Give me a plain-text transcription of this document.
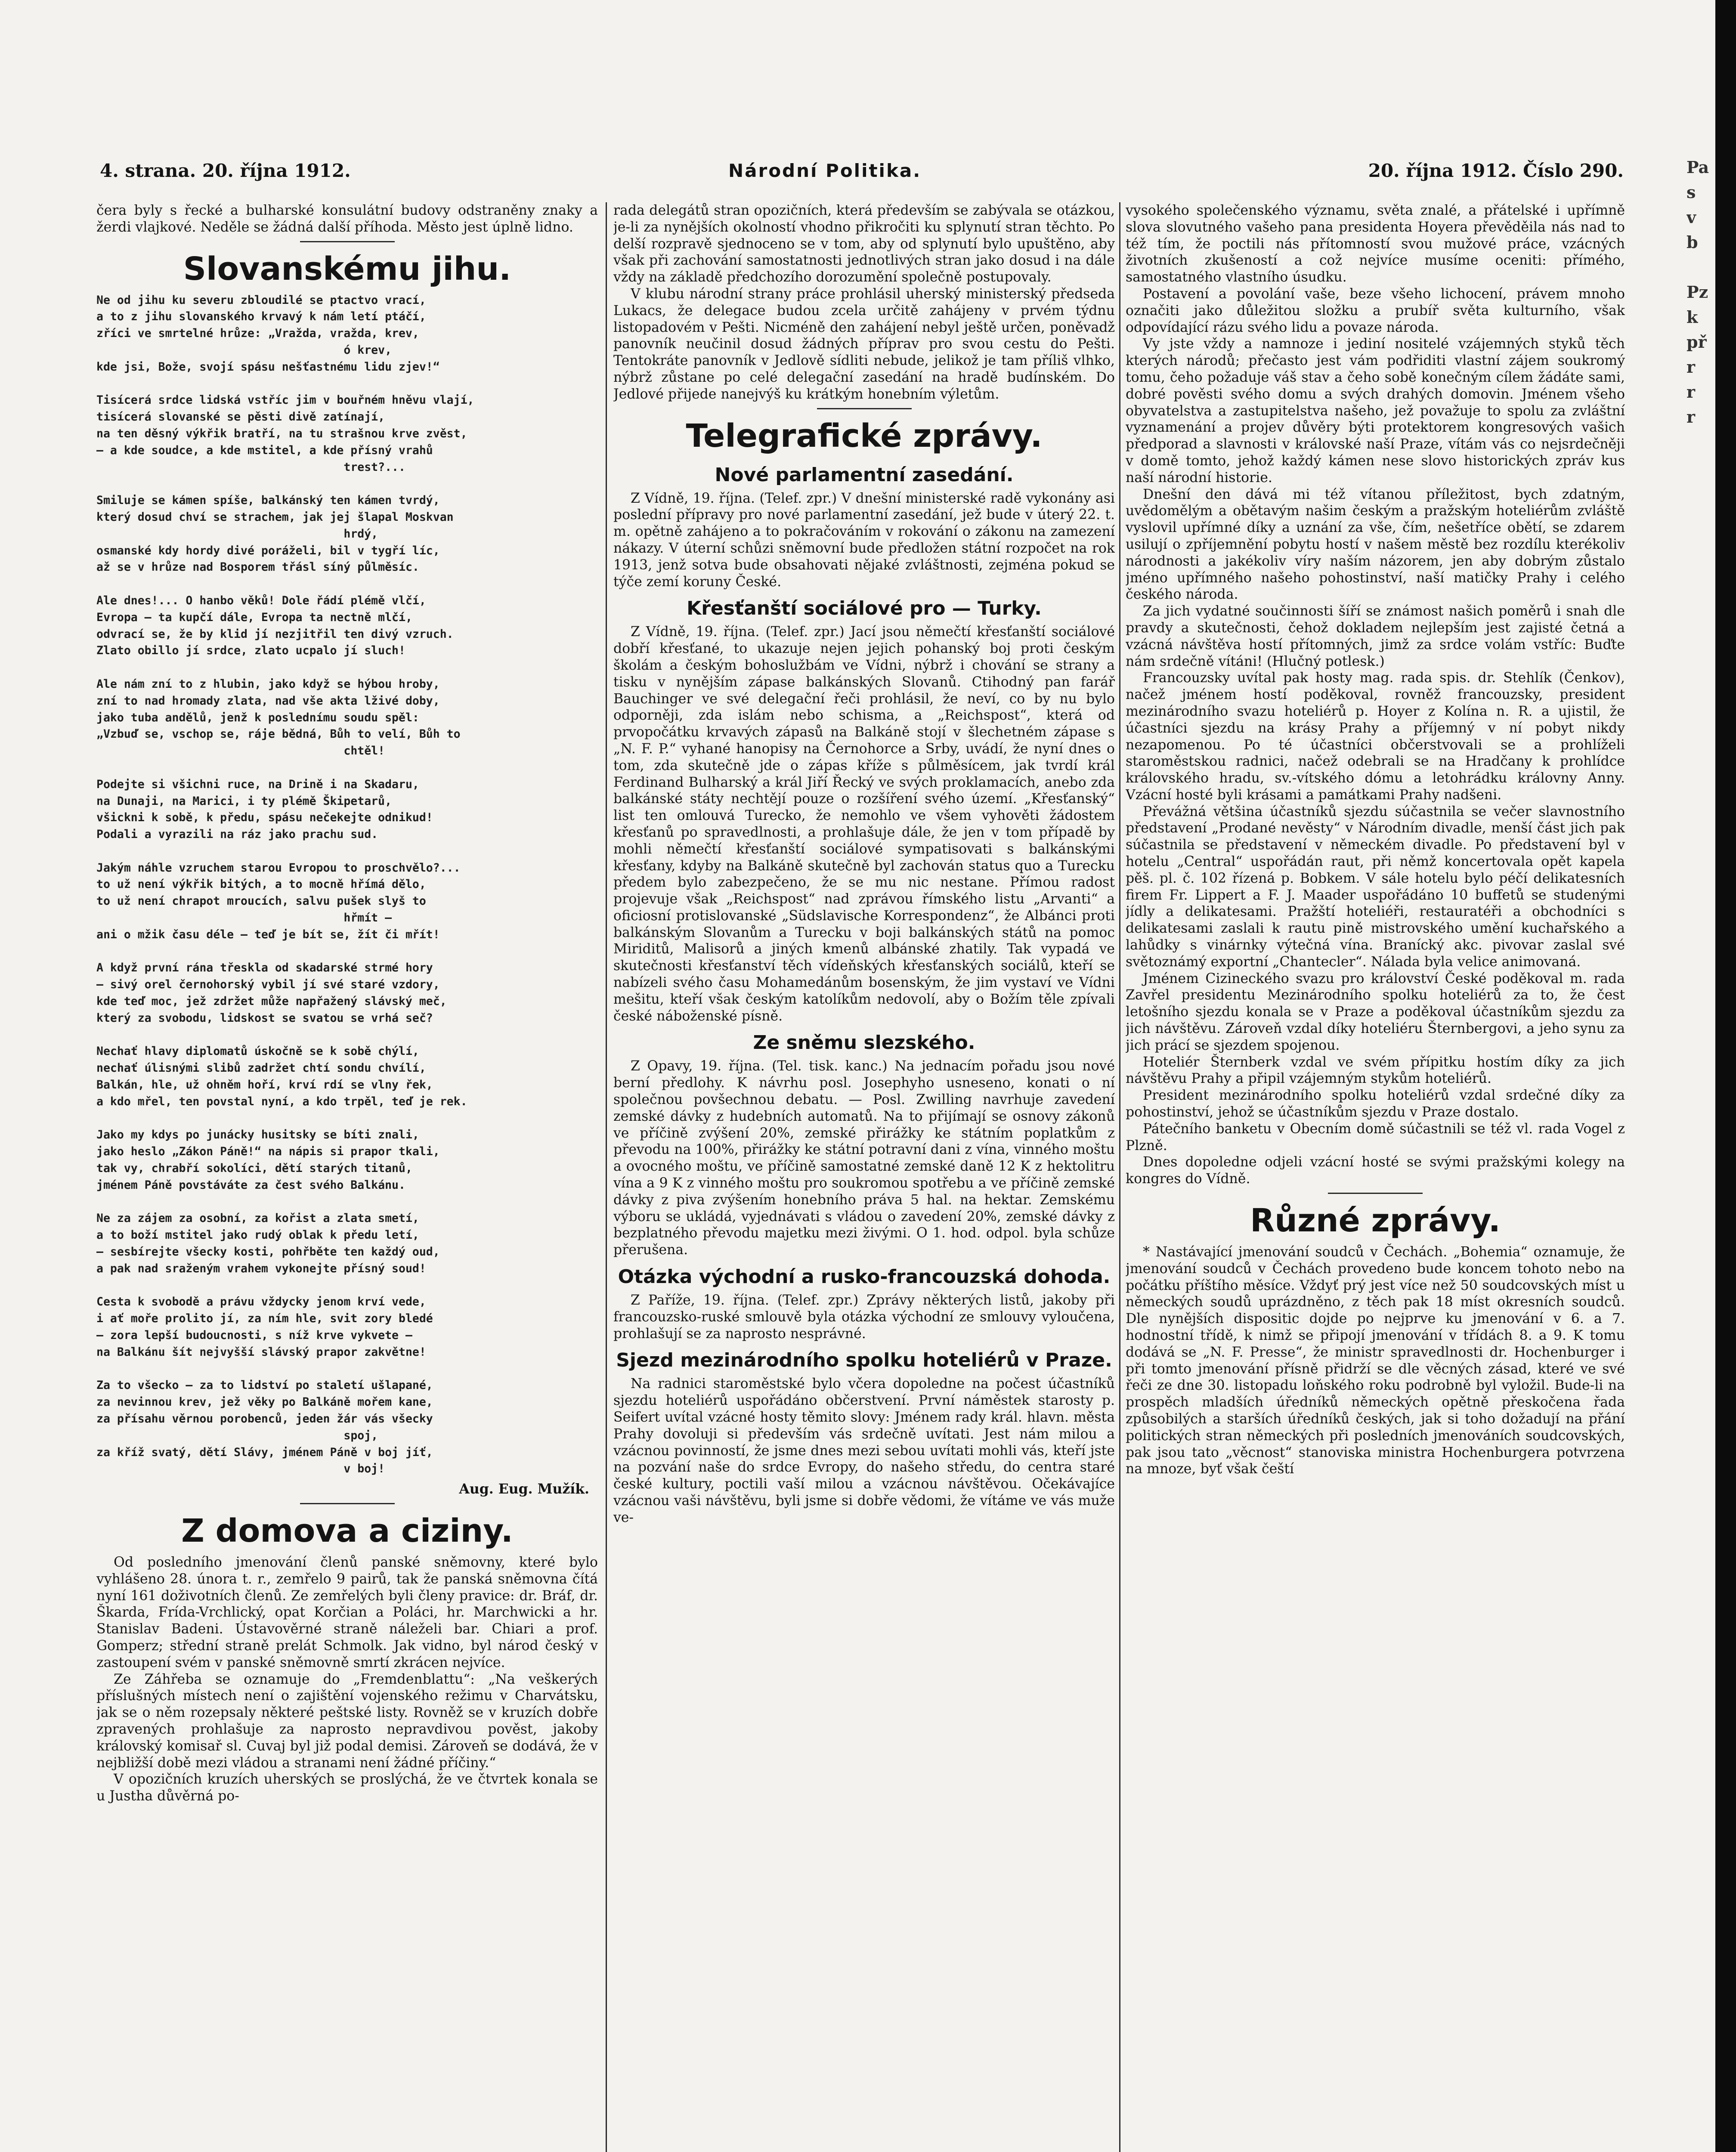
Pa
s
v
b

Pz
k
př
r
r
r
4. strana. 20. října 1912.	Národní Politika.	20. října 1912. Číslo 290.

čera byly s řecké a bulharské konsulátní budovy odstraněny znaky a žerdi vlajkové. Neděle se žádná další příhoda. Město jest úplně lidno.

Slovanskému jihu.
Ne od jihu ku severu zbloudilé se ptactvo vrací,
a to z jihu slovanského krvavý k nám letí ptáčí,
zříci ve smrtelné hrůze: „Vražda, vražda, krev,
ó krev,
kde jsi, Bože, svojí spásu nešťastnému lidu zjev!“

Tisícerá srdce lidská vstříc jim v bouřném hněvu vlají,
tisícerá slovanské se pěsti divě zatínají,
na ten děsný výkřik bratří, na tu strašnou krve zvěst,
— a kde soudce, a kde mstitel, a kde přísný vrahů
trest?...

Smiluje se kámen spíše, balkánský ten kámen tvrdý,
který dosud chví se strachem, jak jej šlapal Moskvan
hrdý,
osmanské kdy hordy divé poráželi, bil v tygří líc,
až se v hrůze nad Bosporem třásl síný půlměsíc.

Ale dnes!... O hanbo věků! Dole řádí plémě vlčí,
Evropa — ta kupčí dále, Evropa ta nectně mlčí,
odvrací se, že by klid jí nezjitřil ten divý vzruch.
Zlato obillo jí srdce, zlato ucpalo jí sluch!

Ale nám zní to z hlubin, jako když se hýbou hroby,
zní to nad hromady zlata, nad vše akta lživé doby,
jako tuba andělů, jenž k poslednímu soudu spěl:
„Vzbuď se, vschop se, ráje bědná, Bůh to velí, Bůh to
chtěl!

Podejte si všichni ruce, na Drině i na Skadaru,
na Dunaji, na Marici, i ty plémě Škipetarů,
všickni k sobě, k předu, spásu nečekejte odnikud!
Podali a vyrazili na ráz jako prachu sud.

Jakým náhle vzruchem starou Evropou to proschvělo?...
to už není výkřik bitých, a to mocně hřímá dělo,
to už není chrapot mroucích, salvu pušek slyš to
hřmít —
ani o mžik času déle — teď je bít se, žít či mřít!

A když první rána třeskla od skadarské strmé hory
— sivý orel černohorský vybil jí své staré vzdory,
kde teď moc, jež zdržet může napřažený slávský meč,
který za svobodu, lidskost se svatou se vrhá seč?

Nechať hlavy diplomatů úskočně se k sobě chýlí,
nechať úlisnými slibů zadržet chtí sondu chvílí,
Balkán, hle, už ohněm hoří, krví rdí se vlny řek,
a kdo mřel, ten povstal nyní, a kdo trpěl, teď je rek.

Jako my kdys po junácky husitsky se bíti znali,
jako heslo „Zákon Páně!“ na nápis si prapor tkali,
tak vy, chrabří sokolíci, dětí starých titanů,
jménem Páně povstáváte za čest svého Balkánu.

Ne za zájem za osobní, za kořist a zlata smetí,
a to boží mstitel jako rudý oblak k předu letí,
— sesbírejte všecky kosti, pohřběte ten každý oud,
a pak nad sraženým vrahem vykonejte přísný soud!

Cesta k svobodě a právu vždycky jenom krví vede,
i ať moře prolito jí, za ním hle, svit zory bledé
— zora lepší budoucnosti, s níž krve vykvete —
na Balkánu šít nejvyšší slávský prapor zakvětne!

Za to všecko — za to lidství po staletí ušlapané,
za nevinnou krev, jež věky po Balkáně mořem kane,
za přísahu věrnou porobenců, jeden žár vás všecky
spoj,
za kříž svatý, dětí Slávy, jménem Páně v boj jíť,
v boj!

Aug. Eug. Mužík.

Z domova a ciziny.

Od posledního jmenování členů panské sněmovny, které bylo vyhlášeno 28. února t. r., zemřelo 9 pairů, tak že panská sněmovna čítá nyní 161 doživotních členů. Ze zemřelých byli členy pravice: dr. Bráf, dr. Škarda, Frída-Vrchlický, opat Korčian a Poláci, hr. Marchwicki a hr. Stanislav Badeni. Ústavověrné straně náleželi bar. Chiari a prof. Gomperz; střední straně prelát Schmolk. Jak vidno, byl národ český v zastoupení svém v panské sněmovně smrtí zkrácen nejvíce.

Ze Záhřeba se oznamuje do „Fremdenblattu“: „Na veškerých příslušných místech není o zajištění vojenského režimu v Charvátsku, jak se o něm rozepsaly některé peštské listy. Rovněž se v kruzích dobře zpravených prohlašuje za naprosto nepravdivou pověst, jakoby královský komisař sl. Cuvaj byl již podal demisi. Zároveň se dodává, že v nejbližší době mezi vládou a stranami není žádné příčiny.“

V opozičních kruzích uherských se proslýchá, že ve čtvrtek konala se u Justha důvěrná po-

rada delegátů stran opozičních, která především se zabývala se otázkou, je-li za nynějších okolností vhodno přikročiti ku splynutí stran těchto. Po delší rozpravě sjednoceno se v tom, aby od splynutí bylo upuštěno, aby však při zachování samostatnosti jednotlivých stran jako dosud i na dále vždy na základě předchozího dorozumění společně postupovaly.

V klubu národní strany práce prohlásil uherský ministerský předseda Lukacs, že delegace budou zcela určitě zahájeny v prvém týdnu listopadovém v Pešti. Nicméně den zahájení nebyl ještě určen, poněvadž panovník neučinil dosud žádných příprav pro svou cestu do Pešti. Tentokráte panovník v Jedlově sídliti nebude, jelikož je tam příliš vlhko, nýbrž zůstane po celé delegační zasedání na hradě budínském. Do Jedlové přijede nanejvýš ku krátkým honebním výletům.

Telegrafické zprávy.
Nové parlamentní zasedání.

Z Vídně, 19. října. (Telef. zpr.) V dnešní ministerské radě vykonány asi poslední přípravy pro nové parlamentní zasedání, jež bude v úterý 22. t. m. opětně zahájeno a to pokračováním v rokování o zákonu na zamezení nákazy. V úterní schůzi sněmovní bude předložen státní rozpočet na rok 1913, jenž sotva bude obsahovati nějaké zvláštnosti, zejména pokud se týče zemí koruny České.

Křesťanští sociálové pro — Turky.

Z Vídně, 19. října. (Telef. zpr.) Jací jsou němečtí křesťanští sociálové dobří křesťané, to ukazuje nejen jejich pohanský boj proti českým školám a českým bohoslužbám ve Vídni, nýbrž i chování se strany a tisku v nynějším zápase balkánských Slovanů. Ctihodný pan farář Bauchinger ve své delegační řeči prohlásil, že neví, co by nu bylo odporněji, zda islám nebo schisma, a „Reichspost“, která od prvopočátku krvavých zápasů na Balkáně stojí v šlechetném zápase s „N. F. P.“ vyhané hanopisy na Černohorce a Srby, uvádí, že nyní dnes o tom, zda skutečně jde o zápas kříže s půlměsícem, jak tvrdí král Ferdinand Bulharský a král Jiří Řecký ve svých proklamacích, anebo zda balkánské státy nechtějí pouze o rozšíření svého území. „Křesťanský“ list ten omlouvá Turecko, že nemohlo ve všem vyhověti žádostem křesťanů po spravedlnosti, a prohlašuje dále, že jen v tom případě by mohli němečtí křesťanští sociálové sympatisovati s balkánskými křesťany, kdyby na Balkáně skutečně byl zachován status quo a Turecku předem bylo zabezpečeno, že se mu nic nestane. Přímou radost projevuje však „Reichspost“ nad zprávou římského listu „Arvanti“ a oficiosní protislovanské „Südslavische Korrespondenz“, že Albánci proti balkánským Slovanům a Turecku v boji balkánských států na pomoc Miriditů, Malisorů a jiných kmenů albánské zhatily. Tak vypadá ve skutečnosti křesťanství těch vídeňských křesťanských sociálů, kteří se nabízeli svého času Mohamedánům bosenským, že jim vystaví ve Vídni mešitu, kteří však českým katolíkům nedovolí, aby o Božím těle zpívali české náboženské písně.

Ze sněmu slezského.

Z Opavy, 19. října. (Tel. tisk. kanc.) Na jednacím pořadu jsou nové berní předlohy. K návrhu posl. Josephyho usneseno, konati o ní společnou povšechnou debatu. — Posl. Zwilling navrhuje zavedení zemské dávky z hudebních automatů. Na to přijímají se osnovy zákonů ve příčině zvýšení 20%, zemské přirážky ke státním poplatkům z převodu na 100%, přirážky ke státní potravní dani z vína, vinného moštu a ovocného moštu, ve příčině samostatné zemské daně 12 K z hektolitru vína a 9 K z vinného moštu pro soukromou spotřebu a ve příčině zemské dávky z piva zvýšením honebního práva 5 hal. na hektar. Zemskému výboru se ukládá, vyjednávati s vládou o zavedení 20%, zemské dávky z bezplatného převodu majetku mezi živými. O 1. hod. odpol. byla schůze přerušena.

Otázka východní a rusko-francouzská dohoda.

Z Paříže, 19. října. (Telef. zpr.) Zprávy některých listů, jakoby při francouzsko-ruské smlouvě byla otázka východní ze smlouvy vyloučena, prohlašují se za naprosto nesprávné.

Sjezd mezinárodního spolku hoteliérů v Praze.

Na radnici staroměstské bylo včera dopoledne na počest účastníků sjezdu hoteliérů uspořádáno občerstvení. První náměstek starosty p. Seifert uvítal vzácné hosty těmito slovy: Jménem rady král. hlavn. města Prahy dovoluji si především vás srdečně uvítati. Jest nám milou a vzácnou povinností, že jsme dnes mezi sebou uvítati mohli vás, kteří jste na pozvání naše do srdce Evropy, do našeho středu, do centra staré české kultury, poctili vaší milou a vzácnou návštěvou. Očekávajíce vzácnou vaši návštěvu, byli jsme si dobře vědomi, že vítáme ve vás muže ve-

vysokého společenského významu, světa znalé, a přátelské i upřímně slova slovutného vašeho pana presidenta Hoyera převěděila nás nad to též tím, že poctili nás přítomností svou mužové práce, vzácných životních zkušeností a což nejvíce musíme oceniti: přímého, samostatného vlastního úsudku.

Postavení a povolání vaše, beze všeho lichocení, právem mnoho označiti jako důležitou složku a prubíř světa kulturního, však odpovídající rázu svého lidu a povaze národa.

Vy jste vždy a namnoze i jediní nositelé vzájemných styků těch kterých národů; přečasto jest vám podřiditi vlastní zájem soukromý tomu, čeho požaduje váš stav a čeho sobě konečným cílem žádáte sami, dobré pověsti svého domu a svých drahých domovin. Jménem všeho obyvatelstva a zastupitelstva našeho, jež považuje to spolu za zvláštní vyznamenání a projev důvěry býti protektorem kongresových vašich předporad a slavnosti v královské naší Praze, vítám vás co nejsrdečněji v domě tomto, jehož každý kámen nese slovo historických zpráv kus naší národní historie.

Dnešní den dává mi též vítanou příležitost, bych zdatným, uvědomělým a obětavým našim českým a pražským hoteliérům zvláště vyslovil upřímné díky a uznání za vše, čím, nešetříce obětí, se zdarem usilují o zpříjemnění pobytu hostí v našem městě bez rozdílu kterékoliv národnosti a jakékoliv víry naším názorem, jen aby dobrým zůstalo jméno upřímného našeho pohostinství, naší matičky Prahy i celého českého národa.

Za jich vydatné součinnosti šíří se známost našich poměrů i snah dle pravdy a skutečnosti, čehož dokladem nejlepším jest zajisté četná a vzácná návštěva hostí přítomných, jimž za srdce volám vstříc: Buďte nám srdečně vítáni! (Hlučný potlesk.)

Francouzsky uvítal pak hosty mag. rada spis. dr. Stehlík (Čenkov), načež jménem hostí poděkoval, rovněž francouzsky, president mezinárodního svazu hoteliérů p. Hoyer z Kolína n. R. a ujistil, že účastníci sjezdu na krásy Prahy a příjemný v ní pobyt nikdy nezapomenou. Po té účastníci občerstvovali se a prohlíželi staroměstskou radnici, načež odebrali se na Hradčany k prohlídce královského hradu, sv.-vítského dómu a letohrádku královny Anny. Vzácní hosté byli krásami a památkami Prahy nadšeni.

Převážná většina účastníků sjezdu súčastnila se večer slavnostního představení „Prodané nevěsty“ v Národním divadle, menší část jich pak súčastnila se představení v německém divadle. Po představení byl v hotelu „Central“ uspořádán raut, při němž koncertovala opět kapela pěš. pl. č. 102 řízená p. Bobkem. V sále hotelu bylo péčí delikatesních firem Fr. Lippert a F. J. Maader uspořádáno 10 buffetů se studenými jídly a delikatesami. Pražští hoteliéři, restauratéři a obchodníci s delikatesami zaslali k rautu pině mistrovského umění kuchařského a lahůdky s vinárnky výtečná vína. Branícký akc. pivovar zaslal své světoznámý exportní „Chantecler“. Nálada byla velice animovaná.

Jménem Cizineckého svazu pro království České poděkoval m. rada Zavřel presidentu Mezinárodního spolku hoteliérů za to, že čest letošního sjezdu konala se v Praze a poděkoval účastníkům sjezdu za jich návštěvu. Zároveň vzdal díky hoteliéru Šternbergovi, a jeho synu za jich prácí se sjezdem spojenou.

Hoteliér Šternberk vzdal ve svém přípitku hostím díky za jich návštěvu Prahy a připil vzájemným stykům hoteliérů.

President mezinárodního spolku hoteliérů vzdal srdečné díky za pohostinství, jehož se účastníkům sjezdu v Praze dostalo.

Pátečního banketu v Obecním domě súčastnili se též vl. rada Vogel z Plzně.

Dnes dopoledne odjeli vzácní hosté se svými pražskými kolegy na kongres do Vídně.

Různé zprávy.

* Nastávající jmenování soudců v Čechách. „Bohemia“ oznamuje, že jmenování soudců v Čechách provedeno bude koncem tohoto nebo na počátku příštího měsíce. Vždyť prý jest více než 50 soudcovských míst u německých soudů uprázdněno, z těch pak 18 míst okresních soudců. Dle nynějších dispositic dojde po nejprve ku jmenování v 6. a 7. hodnostní třídě, k nimž se připojí jmenování v třídách 8. a 9. K tomu dodává se „N. F. Presse“, že ministr spravedlnosti dr. Hochenburger i při tomto jmenování přísně přidrží se dle věcných zásad, které ve své řeči ze dne 30. listopadu loňského roku podrobně byl vyložil. Bude-li na prospěch mladších úředníků německých opětně přeskočena řada způsobilých a starších úředníků českých, jak si toho dožadují na přání politických stran německých při posledních jmenováních soudcovských, pak jsou tato „věcnost“ stanoviska ministra Hochenburgera potvrzena na mnoze, byť však čeští
